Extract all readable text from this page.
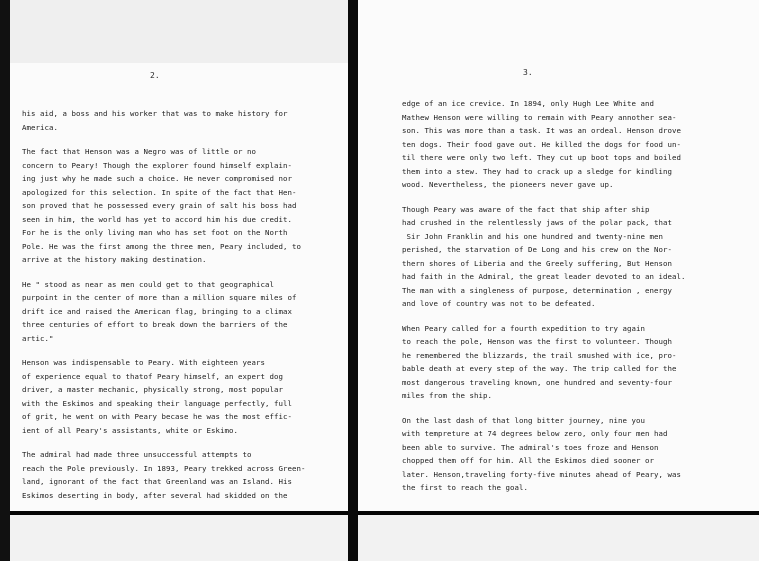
2.
his aid, a boss and his worker that was to make history for
America.
The fact that Henson was a Negro was of little or no
concern to Peary! Though the explorer found himself explain-
ing just why he made such a choice. He never compromised nor
apologized for this selection. In spite of the fact that Hen-
son proved that he possessed every grain of salt his boss had
seen in him, the world has yet to accord him his due credit.
For he is the only living man who has set foot on the North
Pole. He was the first among the three men, Peary included, to
arrive at the history making destination.
He " stood as near as men could get to that geographical
purpoint in the center of more than a million square miles of
drift ice and raised the American flag, bringing to a climax
three centuries of effort to break down the barriers of the
artic."
Henson was indispensable to Peary. With eighteen years
of experience equal to thatof Peary himself, an expert dog
driver, a master mechanic, physically strong, most popular
with the Eskimos and speaking their language perfectly, full
of grit, he went on with Peary becase he was the most effic-
ient of all Peary's assistants, white or Eskimo.
The admiral had made three unsuccessful attempts to
reach the Pole previously. In 1893, Peary trekked across Green-
land, ignorant of the fact that Greenland was an Island. His
Eskimos deserting in body, after several had skidded on the
3.
edge of an ice crevice. In 1894, only Hugh Lee White and
Mathew Henson were willing to remain with Peary annother sea-
son. This was more than a task. It was an ordeal. Henson drove
ten dogs. Their food gave out. He killed the dogs for food un-
til there were only two left. They cut up boot tops and boiled
them into a stew. They had to crack up a sledge for kindling
wood. Nevertheless, the pioneers never gave up.
Though Peary was aware of the fact that ship after ship
had crushed in the relentlessly jaws of the polar pack, that
Sir John Franklin and his one hundred and twenty-nine men
perished, the starvation of De Long and his crew on the Nor-
thern shores of Liberia and the Greely suffering, But Henson
had faith in the Admiral, the great leader devoted to an ideal.
The man with a singleness of purpose, determination , energy
and love of country was not to be defeated.
When Peary called for a fourth expedition to try again
to reach the pole, Henson was the first to volunteer. Though
he remembered the blizzards, the trail smushed with ice, pro-
bable death at every step of the way. The trip called for the
most dangerous traveling known, one hundred and seventy-four
miles from the ship.
On the last dash of that long bitter journey, nine you
with tempreture at 74 degrees below zero, only four men had
been able to survive. The admiral's toes froze and Henson
chopped them off for him. All the Eskimos died sooner or
later. Henson,traveling forty-five minutes ahead of Peary, was
the first to reach the goal.
